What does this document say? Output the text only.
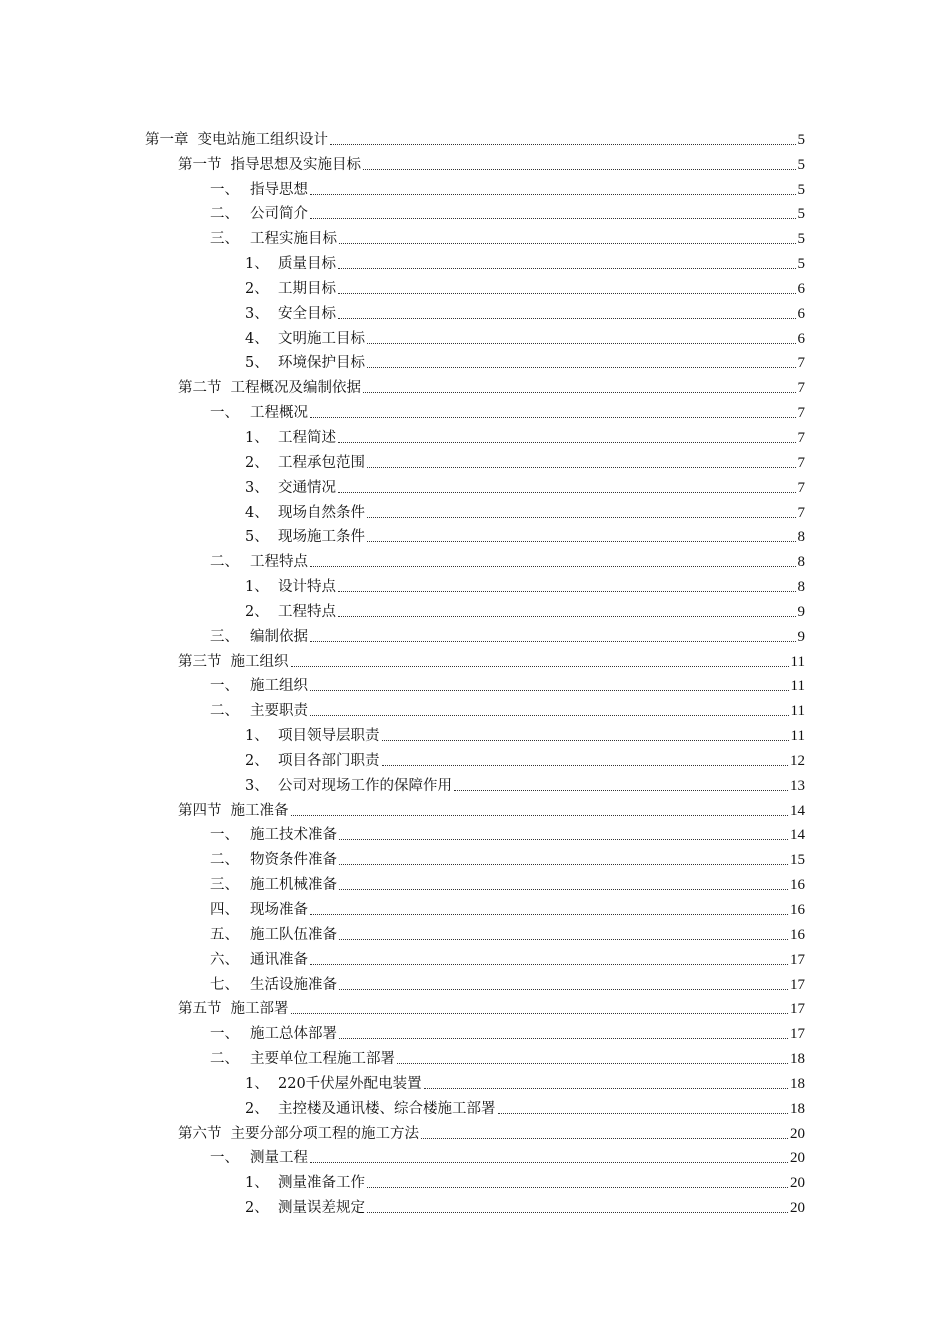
第一章 变电站施工组织设计	5
第一节 指导思想及实施目标	5
一、 指导思想	5
二、 公司简介	5
三、 工程实施目标	5
1、 质量目标	5
2、 工期目标	6
3、 安全目标	6
4、 文明施工目标	6
5、 环境保护目标	7
第二节 工程概况及编制依据	7
一、 工程概况	7
1、 工程简述	7
2、 工程承包范围	7
3、 交通情况	7
4、 现场自然条件	7
5、 现场施工条件	8
二、 工程特点	8
1、 设计特点	8
2、 工程特点	9
三、 编制依据	9
第三节 施工组织	11
一、 施工组织	11
二、 主要职责	11
1、 项目领导层职责	11
2、 项目各部门职责	12
3、 公司对现场工作的保障作用	13
第四节 施工准备	14
一、 施工技术准备	14
二、 物资条件准备	15
三、 施工机械准备	16
四、 现场准备	16
五、 施工队伍准备	16
六、 通讯准备	17
七、 生活设施准备	17
第五节 施工部署	17
一、 施工总体部署	17
二、 主要单位工程施工部署	18
1、 220千伏屋外配电装置	18
2、 主控楼及通讯楼、综合楼施工部署	18
第六节 主要分部分项工程的施工方法	20
一、 测量工程	20
1、 测量准备工作	20
2、 测量误差规定	20
